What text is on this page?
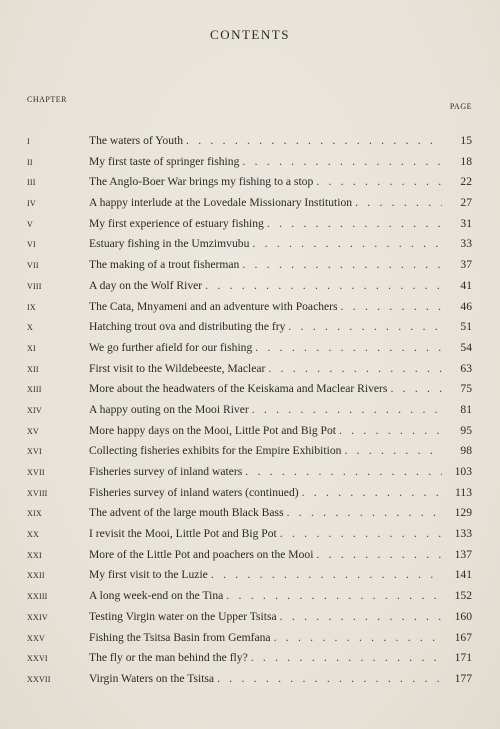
CONTENTS
CHAPTER
PAGE
I	The waters of Youth . . .	15
II	My first taste of springer fishing . . .	18
III	The Anglo-Boer War brings my fishing to a stop . . .	22
IV	A happy interlude at the Lovedale Missionary Institution . . .	27
V	My first experience of estuary fishing . . .	31
VI	Estuary fishing in the Umzimvubu . . .	33
VII	The making of a trout fisherman . . .	37
VIII	A day on the Wolf River . . .	41
IX	The Cata, Mnyameni and an adventure with Poachers . . .	46
X	Hatching trout ova and distributing the fry . . .	51
XI	We go further afield for our fishing . . .	54
XII	First visit to the Wildebeeste, Maclear . . .	63
XIII	More about the headwaters of the Keiskama and Maclear Rivers . . .	75
XIV	A happy outing on the Mooi River . . .	81
XV	More happy days on the Mooi, Little Pot and Big Pot . . .	95
XVI	Collecting fisheries exhibits for the Empire Exhibition . . .	98
XVII	Fisheries survey of inland waters . . .	103
XVIII	Fisheries survey of inland waters (continued) . . .	113
XIX	The advent of the large mouth Black Bass . . .	129
XX	I revisit the Mooi, Little Pot and Big Pot . . .	133
XXI	More of the Little Pot and poachers on the Mooi . . .	137
XXII	My first visit to the Luzie . . .	141
XXIII	A long week-end on the Tina . . .	152
XXIV	Testing Virgin water on the Upper Tsitsa . . .	160
XXV	Fishing the Tsitsa Basin from Gemfana . . .	167
XXVI	The fly or the man behind the fly? . . .	171
XXVII	Virgin Waters on the Tsitsa . . .	177
